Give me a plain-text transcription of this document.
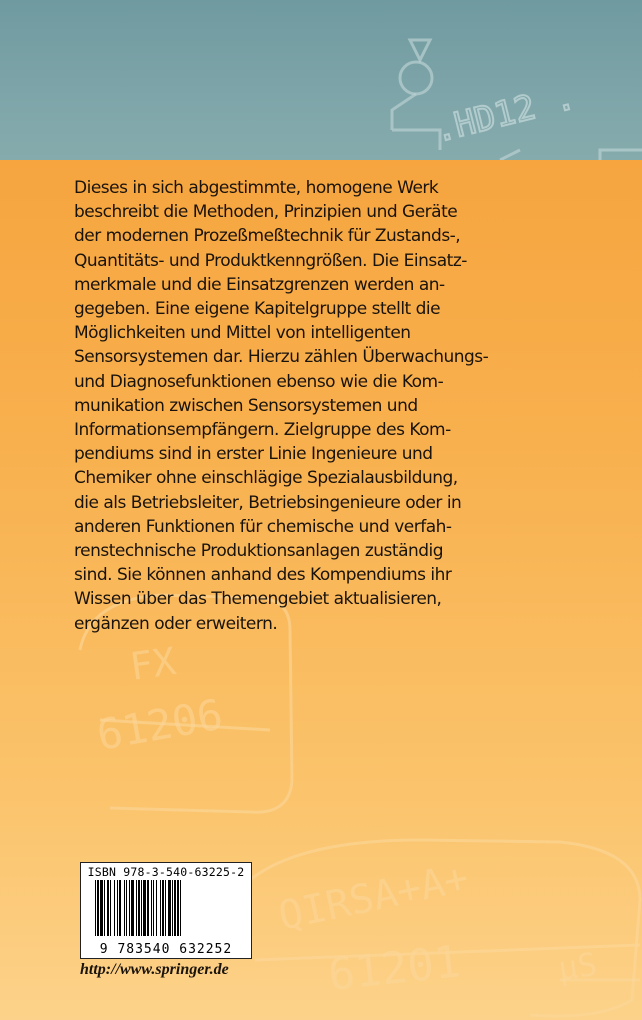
.HD12 .
FX
61206
QIRSA+A+
61201	μS

Dieses in sich abgestimmte, homogene Werk
beschreibt die Methoden, Prinzipien und Geräte
der modernen Prozeßmeßtechnik für Zustands-,
Quantitäts- und Produktkenngrößen. Die Einsatz-
merkmale und die Einsatzgrenzen werden an-
gegeben. Eine eigene Kapitelgruppe stellt die
Möglichkeiten und Mittel von intelligenten
Sensorsystemen dar. Hierzu zählen Überwachungs-
und Diagnosefunktionen ebenso wie die Kom-
munikation zwischen Sensorsystemen und
Informationsempfängern. Zielgruppe des Kom-
pendiums sind in erster Linie Ingenieure und
Chemiker ohne einschlägige Spezialausbildung,
die als Betriebsleiter, Betriebsingenieure oder in
anderen Funktionen für chemische und verfah-
renstechnische Produktionsanlagen zuständig
sind. Sie können anhand des Kompendiums ihr
Wissen über das Themengebiet aktualisieren,
ergänzen oder erweitern.

ISBN 978-3-540-63225-2
9 783540 632252

http://www.springer.de
